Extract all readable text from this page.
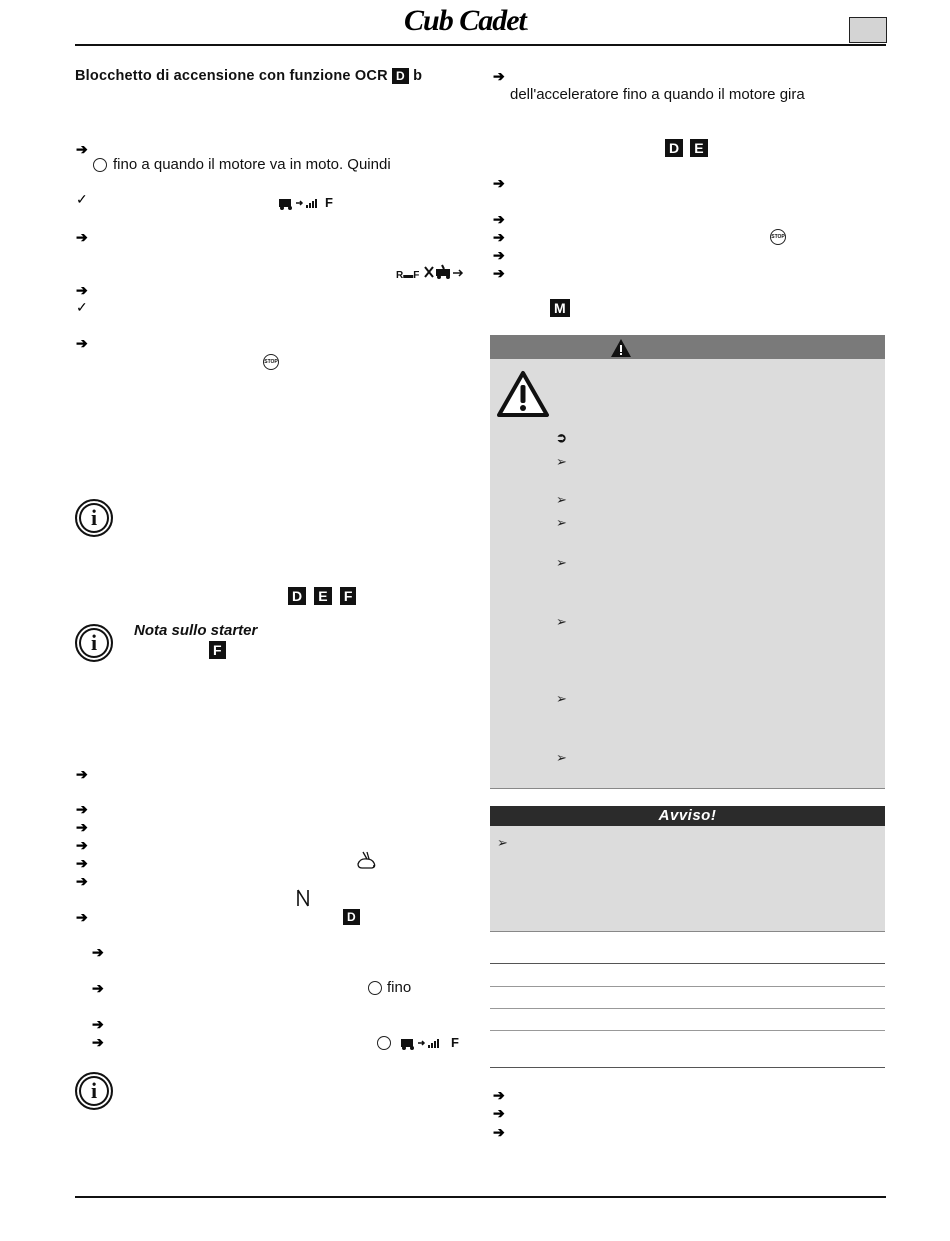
Cub Cadet.
Blocchetto di accensione con funzione OCR D b
➔
fino a quando il motore va in moto. Quindi
✓	F
➔
R▬F
➔
✓
➔
STOP
i
D E F
i	Nota sullo starter
F
➔
➔
➔
➔
➔
➔
➔	D
➔
➔	fino
➔
➔	F
i
➔
dell'acceleratore fino a quando il motore gira
D E
➔
➔
➔	STOP
➔
➔
M
➲
➢
➢
➢
➢
➢
➢
➢
Avviso!
➢
➔
➔
➔
